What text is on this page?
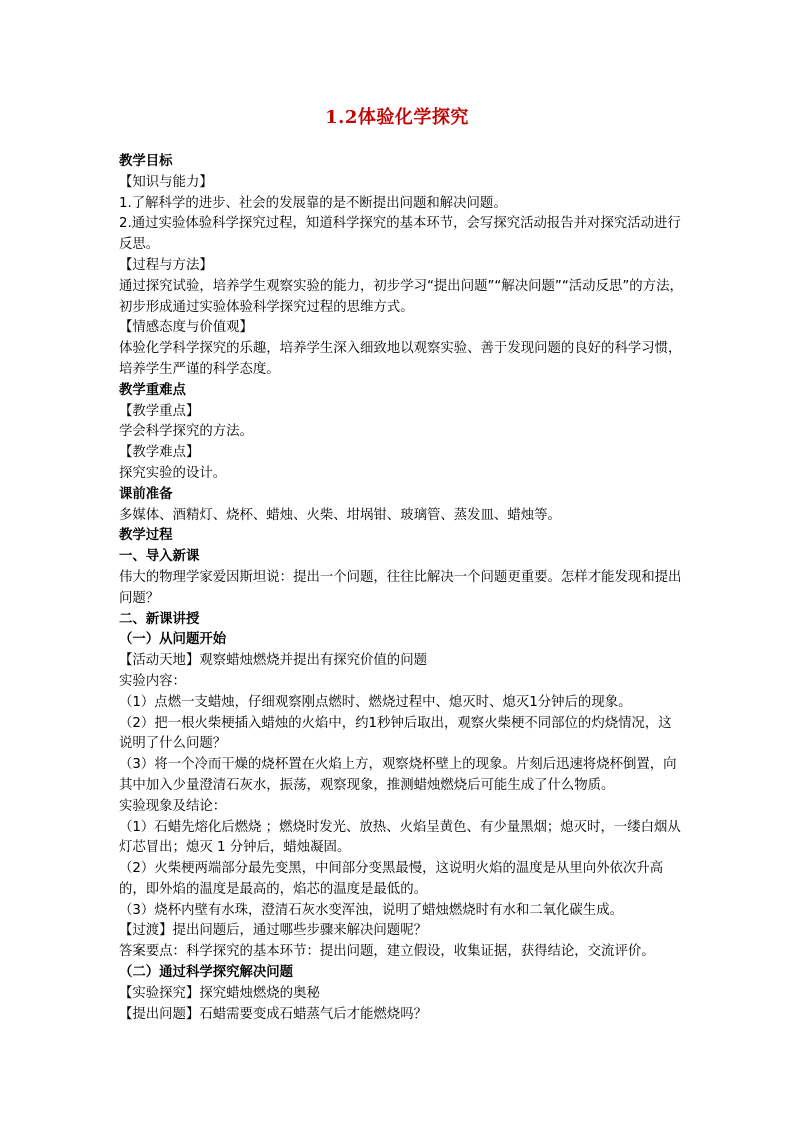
1.2体验化学探究
教学目标
【知识与能力】
1.了解科学的进步、社会的发展靠的是不断提出问题和解决问题。
2.通过实验体验科学探究过程，知道科学探究的基本环节，会写探究活动报告并对探究活动进行反思。
【过程与方法】
通过探究试验，培养学生观察实验的能力，初步学习“提出问题”“解决问题”“活动反思”的方法，初步形成通过实验体验科学探究过程的思维方式。
【情感态度与价值观】
体验化学科学探究的乐趣，培养学生深入细致地以观察实验、善于发现问题的良好的科学习惯，培养学生严谨的科学态度。
教学重难点
【教学重点】
学会科学探究的方法。
【教学难点】
探究实验的设计。
课前准备
多媒体、酒精灯、烧杯、蜡烛、火柴、坩埚钳、玻璃管、蒸发皿、蜡烛等。
教学过程
一、导入新课
伟大的物理学家爱因斯坦说：提出一个问题，往往比解决一个问题更重要。怎样才能发现和提出问题？
二、新课讲授
（一）从问题开始
【活动天地】观察蜡烛燃烧并提出有探究价值的问题
实验内容：
（1）点燃一支蜡烛，仔细观察刚点燃时、燃烧过程中、熄灭时、熄灭1分钟后的现象。
（2）把一根火柴梗插入蜡烛的火焰中，约1秒钟后取出，观察火柴梗不同部位的灼烧情况，这说明了什么问题？
（3）将一个冷而干燥的烧杯置在火焰上方，观察烧杯壁上的现象。片刻后迅速将烧杯倒置，向其中加入少量澄清石灰水，振荡，观察现象，推测蜡烛燃烧后可能生成了什么物质。
实验现象及结论：
（1）石蜡先熔化后燃烧 ；燃烧时发光、放热、火焰呈黄色、有少量黑烟；熄灭时，一缕白烟从灯芯冒出；熄灭 1 分钟后，蜡烛凝固。
（2）火柴梗两端部分最先变黑，中间部分变黑最慢，这说明火焰的温度是从里向外依次升高的，即外焰的温度是最高的，焰芯的温度是最低的。
（3）烧杯内壁有水珠，澄清石灰水变浑浊，说明了蜡烛燃烧时有水和二氧化碳生成。
【过渡】提出问题后，通过哪些步骤来解决问题呢？
答案要点：科学探究的基本环节：提出问题，建立假设，收集证据，获得结论，交流评价。
（二）通过科学探究解决问题
【实验探究】探究蜡烛燃烧的奥秘
【提出问题】石蜡需要变成石蜡蒸气后才能燃烧吗？
